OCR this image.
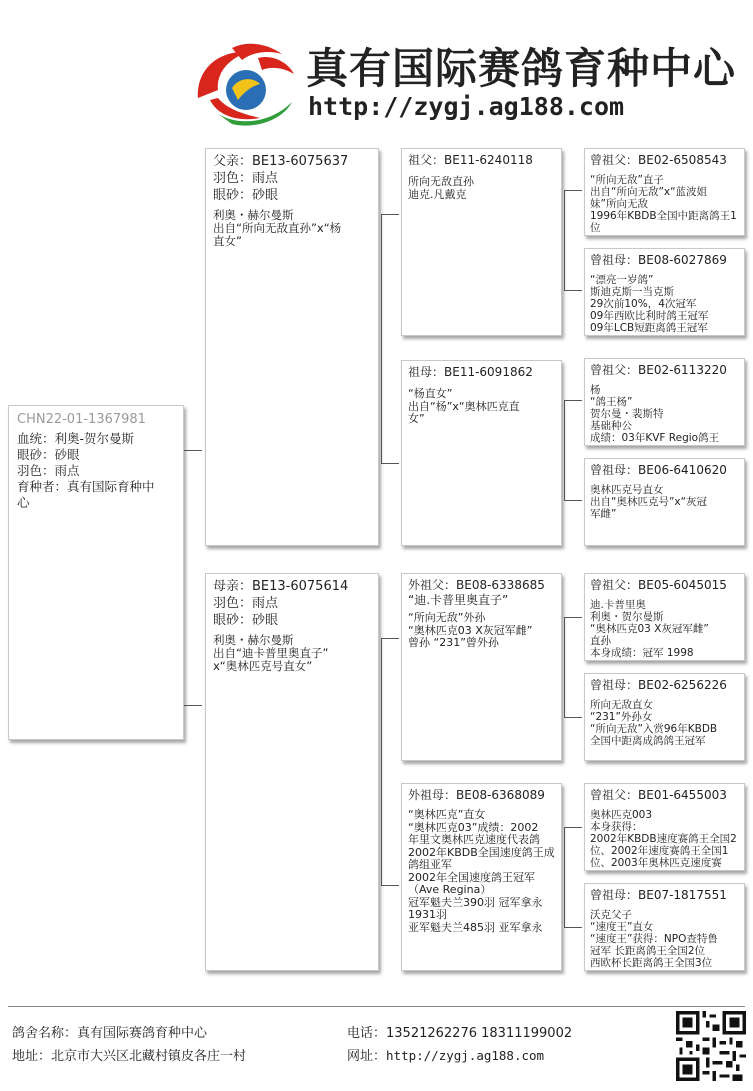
真有国际赛鸽育种中心
http://zygj.ag188.com
CHN22-01-1367981
血统：利奥-贺尔曼斯
眼砂：砂眼
羽色：雨点
育种者：真有国际育种中
心
父亲：BE13-6075637
羽色：雨点
眼砂：砂眼
利奥・赫尔曼斯
出自“所向无敌直孙”x“杨
直女”
母亲：BE13-6075614
羽色：雨点
眼砂：砂眼
利奥・赫尔曼斯
出自“迪卡普里奥直子”
x“奥林匹克号直女”
祖父：BE11-6240118
所向无敌直孙
迪克.凡戴克
祖母：BE11-6091862
“杨直女”
出自“杨”x“奥林匹克直
女”
外祖父：BE08-6338685
“迪.卡普里奥直子”
“所向无敌”外孙
“奥林匹克03 X灰冠军雌”
曾孙 “231”曾外孙
外祖母：BE08-6368089
“奥林匹克”直女
“奥林匹克03”成绩：2002
年里文奥林匹克速度代表鸽
2002年KBDB全国速度鸽王成
鸽组亚军
2002年全国速度鸽王冠军
（Ave Regina）
冠军魁夫兰390羽 冠军拿永
1931羽
亚军魁夫兰485羽 亚军拿永
曾祖父：BE02-6508543
“所向无敌”直子
出自“所向无敌”x“蓝波姐
妹”所向无敌
1996年KBDB全国中距离鸽王1
位
曾祖母：BE08-6027869
“漂亮一岁鸽”
斯迪克斯一当克斯
29次前10%，4次冠军
09年西欧比利时鸽王冠军
09年LCB短距离鸽王冠军
曾祖父：BE02-6113220
杨
“鸽王杨”
贺尔曼・裴斯特
基础种公
成绩：03年KVF Regio鸽王
曾祖母：BE06-6410620
奥林匹克号直女
出自“奥林匹克号”x“灰冠
军雌”
曾祖父：BE05-6045015
迪.卡普里奥
利奥・贺尔曼斯
“奥林匹克03 X灰冠军雌”
直孙
本身成绩：冠军 1998
曾祖母：BE02-6256226
所向无敌直女
“231”外孙女
“所向无敌”入赏96年KBDB
全国中距离成鸽鸽王冠军
曾祖父：BE01-6455003
奥林匹克003
本身获得：
2002年KBDB速度赛鸽王全国2
位、2002年速度赛鸽王全国1
位、2003年奥林匹克速度赛
曾祖母：BE07-1817551
沃克父子
“速度王”直女
“速度王”获得：NPO查特鲁
冠军 长距离鸽王全国2位
西欧杯长距离鸽王全国3位
鸽舍名称：真有国际赛鸽育种中心
地址：北京市大兴区北藏村镇皮各庄一村
电话：13521262276 18311199002
网址：http://zygj.ag188.com
